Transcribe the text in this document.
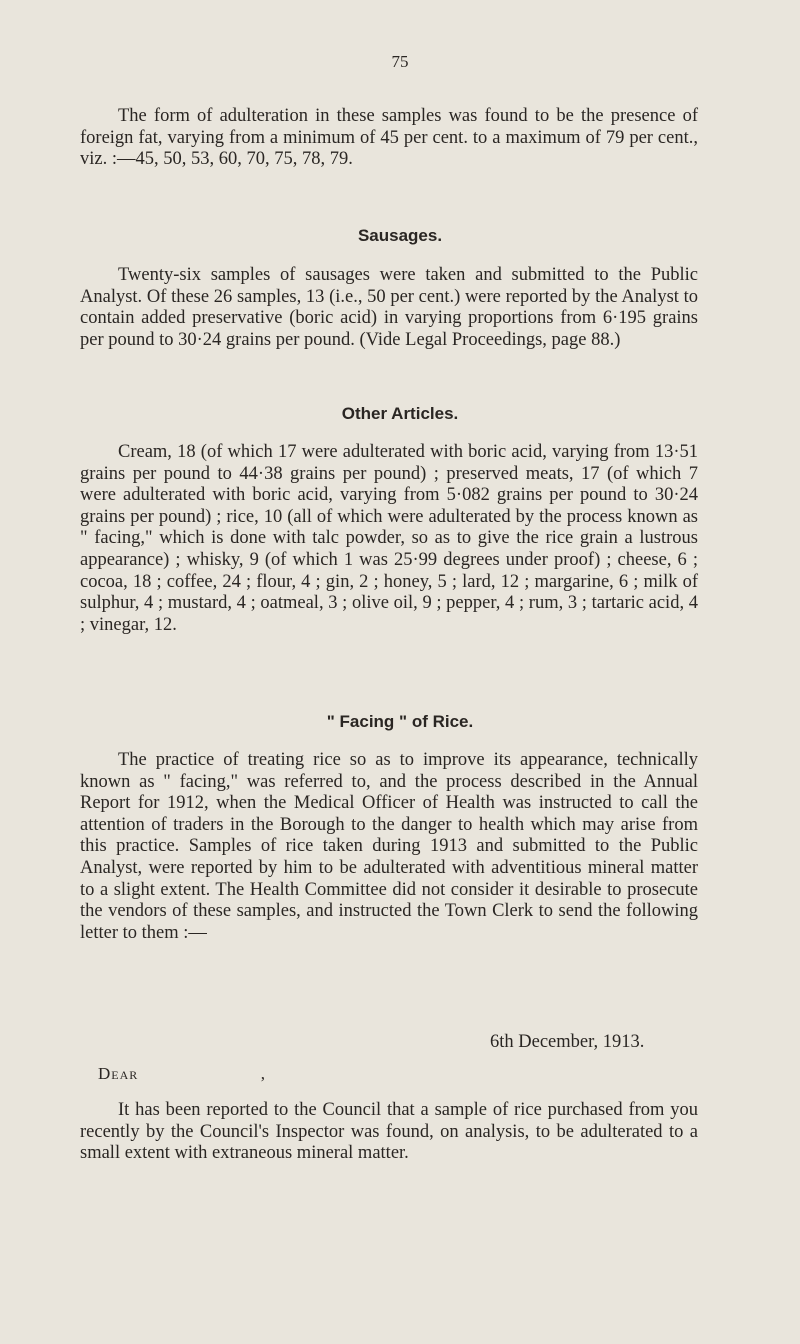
75

The form of adulteration in these samples was found to be the presence of foreign fat, varying from a minimum of 45 per cent. to a maximum of 79 per cent., viz. :—45, 50, 53, 60, 70, 75, 78, 79.

Sausages.

Twenty-six samples of sausages were taken and submitted to the Public Analyst. Of these 26 samples, 13 (i.e., 50 per cent.) were reported by the Analyst to contain added preservative (boric acid) in varying proportions from 6·195 grains per pound to 30·24 grains per pound. (Vide Legal Proceedings, page 88.)

Other Articles.

Cream, 18 (of which 17 were adulterated with boric acid, varying from 13·51 grains per pound to 44·38 grains per pound) ; preserved meats, 17 (of which 7 were adulterated with boric acid, varying from 5·082 grains per pound to 30·24 grains per pound) ; rice, 10 (all of which were adulterated by the process known as " facing," which is done with talc powder, so as to give the rice grain a lustrous appearance) ; whisky, 9 (of which 1 was 25·99 degrees under proof) ; cheese, 6 ; cocoa, 18 ; coffee, 24 ; flour, 4 ; gin, 2 ; honey, 5 ; lard, 12 ; margarine, 6 ; milk of sulphur, 4 ; mustard, 4 ; oatmeal, 3 ; olive oil, 9 ; pepper, 4 ; rum, 3 ; tartaric acid, 4 ; vinegar, 12.

" Facing " of Rice.

The practice of treating rice so as to improve its appearance, technically known as " facing," was referred to, and the process described in the Annual Report for 1912, when the Medical Officer of Health was instructed to call the attention of traders in the Borough to the danger to health which may arise from this practice. Samples of rice taken during 1913 and submitted to the Public Analyst, were reported by him to be adulterated with adventitious mineral matter to a slight extent. The Health Committee did not consider it desirable to prosecute the vendors of these samples, and instructed the Town Clerk to send the following letter to them :—

6th December, 1913.
Dear	,

It has been reported to the Council that a sample of rice purchased from you recently by the Council's Inspector was found, on analysis, to be adulterated to a small extent with extraneous mineral matter.
